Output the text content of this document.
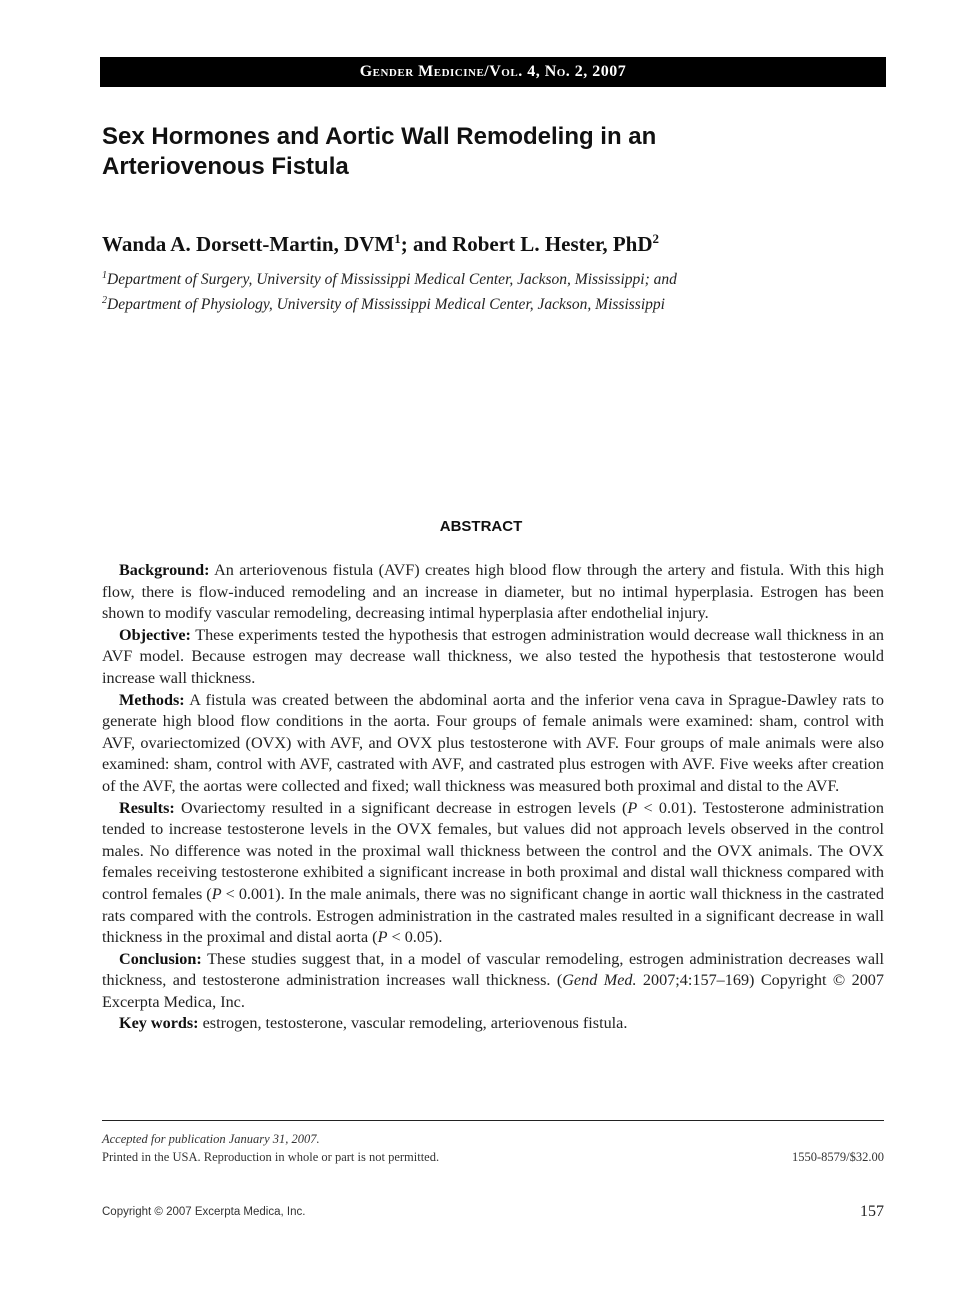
Gender Medicine/Vol. 4, No. 2, 2007
Sex Hormones and Aortic Wall Remodeling in an Arteriovenous Fistula
Wanda A. Dorsett-Martin, DVM$^1$; and Robert L. Hester, PhD$^2$
$^1$Department of Surgery, University of Mississippi Medical Center, Jackson, Mississippi; and
$^2$Department of Physiology, University of Mississippi Medical Center, Jackson, Mississippi
ABSTRACT

Background: An arteriovenous fistula (AVF) creates high blood flow through the artery and fistula. With this high flow, there is flow-induced remodeling and an increase in diameter, but no intimal hyperplasia. Estrogen has been shown to modify vascular remodeling, decreasing intimal hyperplasia after endothelial injury.

Objective: These experiments tested the hypothesis that estrogen administration would decrease wall thickness in an AVF model. Because estrogen may decrease wall thickness, we also tested the hypothesis that testosterone would increase wall thickness.

Methods: A fistula was created between the abdominal aorta and the inferior vena cava in Sprague-Dawley rats to generate high blood flow conditions in the aorta. Four groups of female animals were examined: sham, control with AVF, ovariectomized (OVX) with AVF, and OVX plus testosterone with AVF. Four groups of male animals were also examined: sham, control with AVF, castrated with AVF, and castrated plus estrogen with AVF. Five weeks after creation of the AVF, the aortas were collected and fixed; wall thickness was measured both proximal and distal to the AVF.

Results: Ovariectomy resulted in a significant decrease in estrogen levels (P < 0.01). Testosterone administration tended to increase testosterone levels in the OVX females, but values did not approach levels observed in the control males. No difference was noted in the proximal wall thickness between the control and the OVX animals. The OVX females receiving testosterone exhibited a significant increase in both proximal and distal wall thickness compared with control females (P < 0.001). In the male animals, there was no significant change in aortic wall thickness in the castrated rats compared with the controls. Estrogen administration in the castrated males resulted in a significant decrease in wall thickness in the proximal and distal aorta (P < 0.05).

Conclusion: These studies suggest that, in a model of vascular remodeling, estrogen administration decreases wall thickness, and testosterone administration increases wall thickness. (Gend Med. 2007;4:157–169) Copyright © 2007 Excerpta Medica, Inc.

Key words: estrogen, testosterone, vascular remodeling, arteriovenous fistula.

Accepted for publication January 31, 2007.
Printed in the USA. Reproduction in whole or part is not permitted.	1550-8579/$32.00
Copyright © 2007 Excerpta Medica, Inc.	157
